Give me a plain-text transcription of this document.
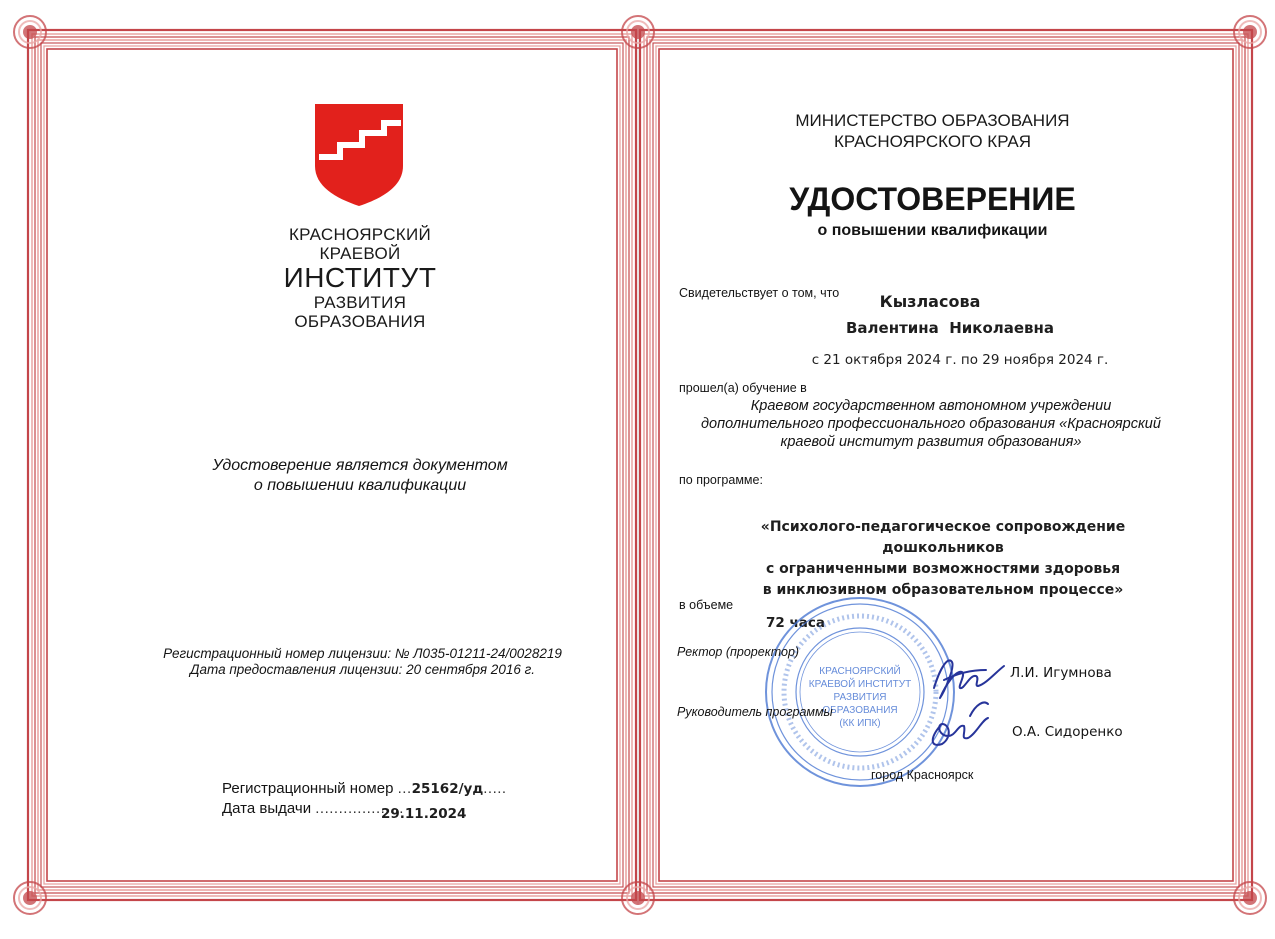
КРАСНОЯРСКИЙ
КРАЕВОЙ
ИНСТИТУТ
РАЗВИТИЯ
ОБРАЗОВАНИЯ
Удостоверение является документом
о повышении квалификации
Регистрационный номер лицензии: № Л035-01211-24/0028219
Дата предоставления лицензии: 20 сентября 2016 г.
Регистрационный номер ...25162/уд.....
Дата выдачи ...................
29.11.2024
МИНИСТЕРСТВО ОБРАЗОВАНИЯ
КРАСНОЯРСКОГО КРАЯ
УДОСТОВЕРЕНИЕ
о повышении квалификации
Свидетельствует о том, что	Кызласова
Валентина  Николаевна
с 21 октября 2024 г. по 29 ноября 2024 г.
прошел(а) обучение в
Краевом государственном автономном учреждении
дополнительного профессионального образования «Красноярский
краевой институт развития образования»
по программе:
«Психолого-педагогическое сопровождение дошкольников
с ограниченными возможностями здоровья
в инклюзивном образовательном процессе»
в объеме
72 часа
КРАСНОЯРСКИЙ
КРАЕВОЙ ИНСТИТУТ
РАЗВИТИЯ
ОБРАЗОВАНИЯ
(КК ИПК)
Ректор (проректор)
Л.И. Игумнова
Руководитель программы
О.А. Сидоренко
город Красноярск
